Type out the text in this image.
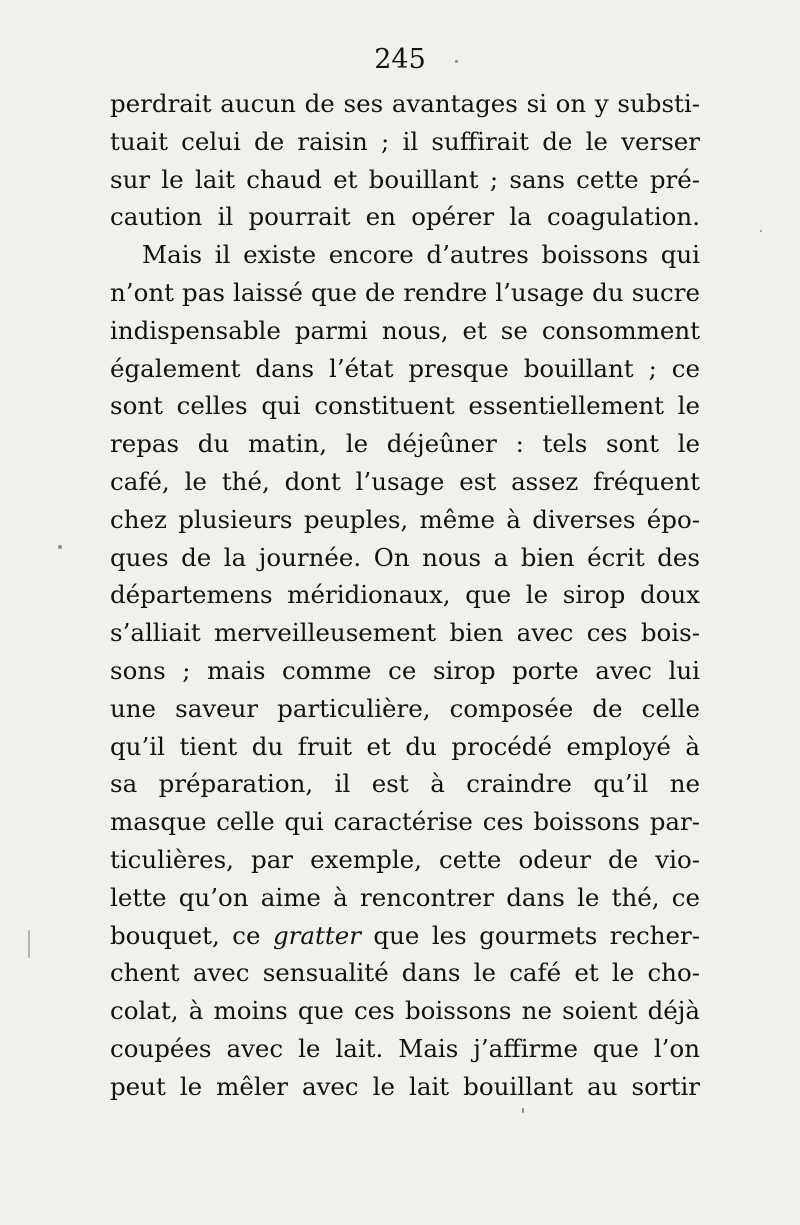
245
perdrait aucun de ses avantages si on y substi-
tuait celui de raisin ; il suffirait de le verser
sur le lait chaud et bouillant ; sans cette pré-
caution il pourrait en opérer la coagulation.
Mais il existe encore d’autres boissons qui
n’ont pas laissé que de rendre l’usage du sucre
indispensable parmi nous, et se consomment
également dans l’état presque bouillant ; ce
sont celles qui constituent essentiellement le
repas du matin, le déjeûner : tels sont le
café, le thé, dont l’usage est assez fréquent
chez plusieurs peuples, même à diverses épo-
ques de la journée. On nous a bien écrit des
départemens méridionaux, que le sirop doux
s’alliait merveilleusement bien avec ces bois-
sons ; mais comme ce sirop porte avec lui
une saveur particulière, composée de celle
qu’il tient du fruit et du procédé employé à
sa préparation, il est à craindre qu’il ne
masque celle qui caractérise ces boissons par-
ticulières, par exemple, cette odeur de vio-
lette qu’on aime à rencontrer dans le thé, ce
bouquet, ce gratter que les gourmets recher-
chent avec sensualité dans le café et le cho-
colat, à moins que ces boissons ne soient déjà
coupées avec le lait. Mais j’affirme que l’on
peut le mêler avec le lait bouillant au sortir
